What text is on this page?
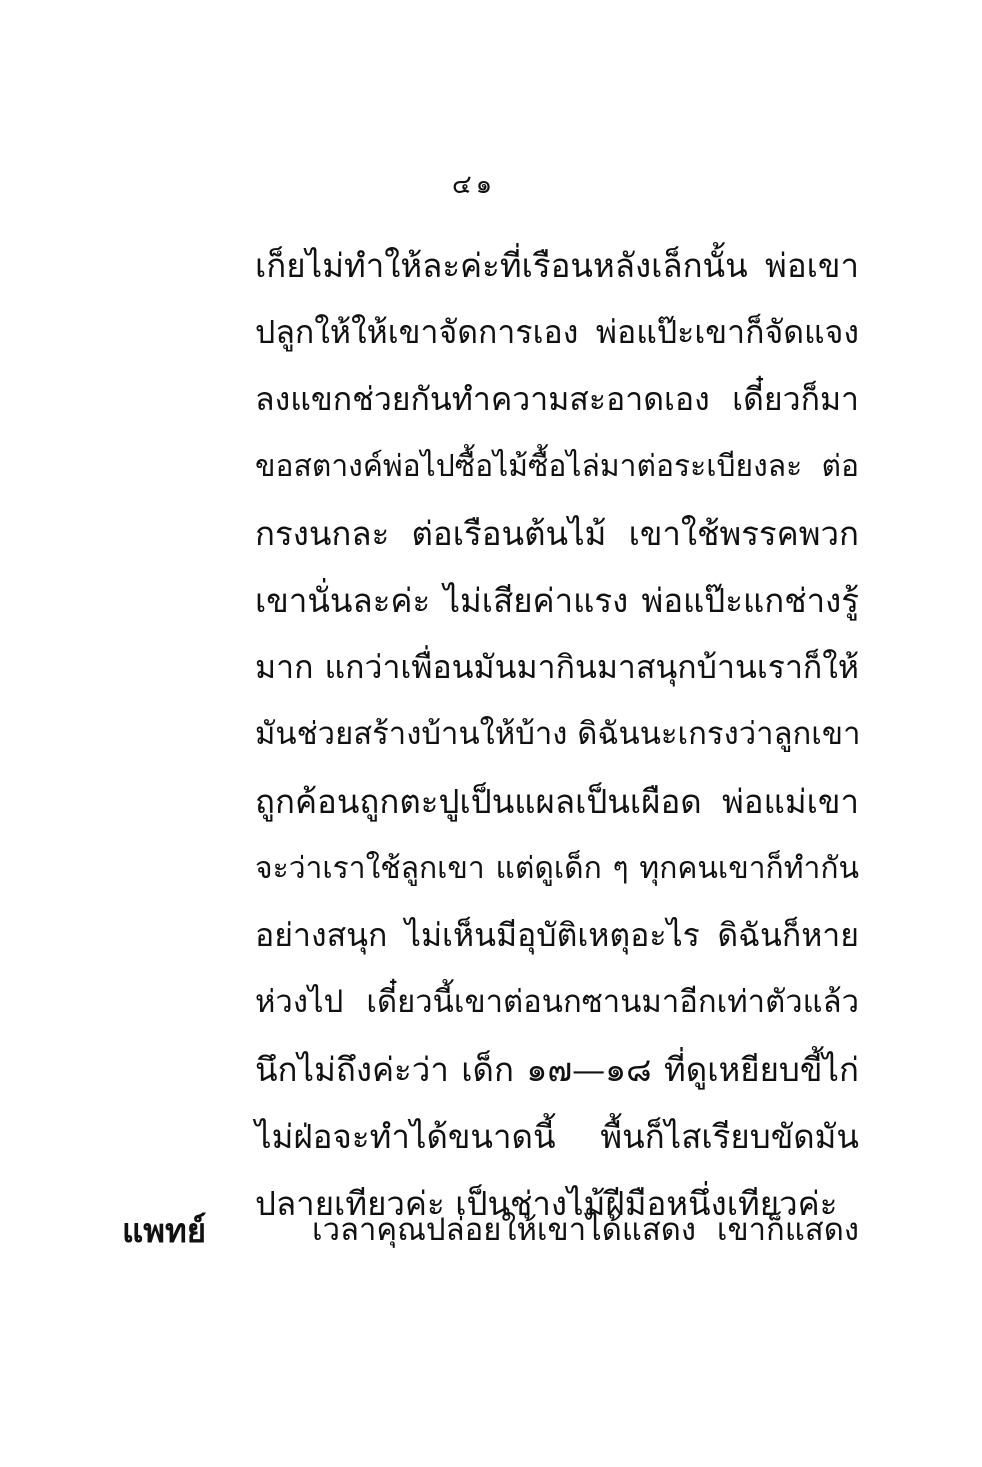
๔๑
เก็ยไม่ทำให้ละค่ะที่เรือนหลังเล็กนั้น พ่อเขา
ปลูกให้ให้เขาจัดการเอง พ่อแป๊ะเขาก็จัดแจง
ลงแขกช่วยกันทำความสะอาดเอง เดี๋ยวก็มา
ขอสตางค์พ่อไปซื้อไม้ซื้อไล่มาต่อระเบียงละ ต่อ
กรงนกละ ต่อเรือนต้นไม้ เขาใช้พรรคพวก
เขานั่นละค่ะ ไม่เสียค่าแรง พ่อแป๊ะแกช่างรู้
มาก แกว่าเพื่อนมันมากินมาสนุกบ้านเราก็ให้
มันช่วยสร้างบ้านให้บ้าง ดิฉันนะเกรงว่าลูกเขา
ถูกค้อนถูกตะปูเป็นแผลเป็นเผือด พ่อแม่เขา
จะว่าเราใช้ลูกเขา แต่ดูเด็ก ๆ ทุกคนเขาก็ทำกัน
อย่างสนุก ไม่เห็นมีอุบัติเหตุอะไร ดิฉันก็หาย
ห่วงไป เดี๋ยวนี้เขาต่อนกซานมาอีกเท่าตัวแล้ว
นึกไม่ถึงค่ะว่า เด็ก ๑๗—๑๘ ที่ดูเหยียบขี้ไก่
ไม่ฝ่อจะทำได้ขนาดนี้ พื้นก็ไสเรียบขัดมัน
ปลายเทียวค่ะ เป็นช่างไม้ฝีมือหนึ่งเทียวค่ะ
แพทย์	เวลาคุณปล่อยให้เขาได้แสดง เขาก็แสดง
